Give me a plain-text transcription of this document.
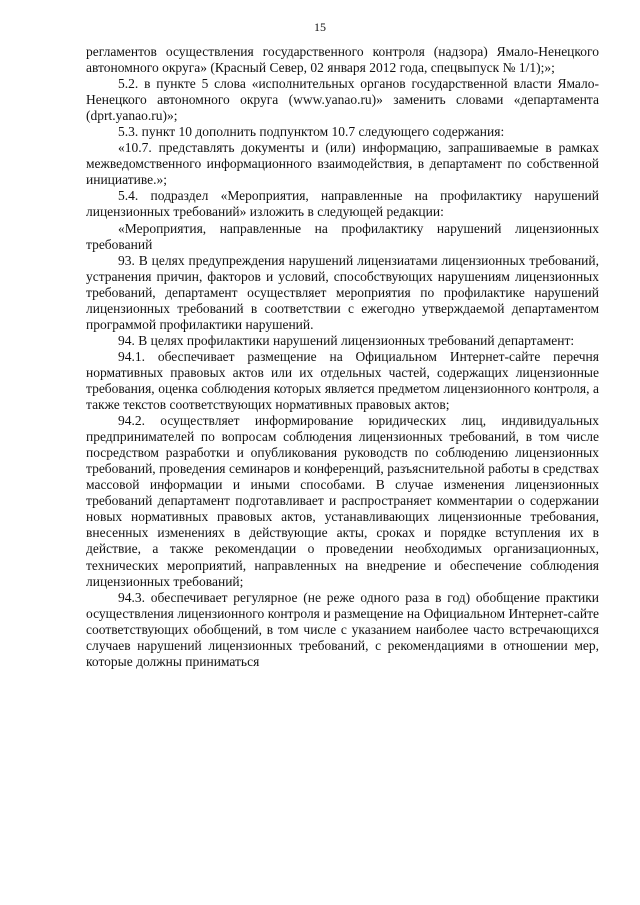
15

регламентов осуществления государственного контроля (надзора) Ямало-Ненецкого автономного округа» (Красный Север, 02 января 2012 года, спецвыпуск № 1/1);»;

5.2. в пункте 5 слова «исполнительных органов государственной власти Ямало-Ненецкого автономного округа (www.yanao.ru)» заменить словами «департамента (dprt.yanao.ru)»;

5.3. пункт 10 дополнить подпунктом 10.7 следующего содержания:

«10.7. представлять документы и (или) информацию, запрашиваемые в рамках межведомственного информационного взаимодействия, в департамент по собственной инициативе.»;

5.4. подраздел «Мероприятия, направленные на профилактику нарушений лицензионных требований» изложить в следующей редакции:

«Мероприятия, направленные на профилактику нарушений лицензионных требований

93. В целях предупреждения нарушений лицензиатами лицензионных требований, устранения причин, факторов и условий, способствующих нарушениям лицензионных требований, департамент осуществляет мероприятия по профилактике нарушений лицензионных требований в соответствии с ежегодно утверждаемой департаментом программой профилактики нарушений.

94. В целях профилактики нарушений лицензионных требований департамент:

94.1. обеспечивает размещение на Официальном Интернет-сайте перечня нормативных правовых актов или их отдельных частей, содержащих лицензионные требования, оценка соблюдения которых является предметом лицензионного контроля, а также текстов соответствующих нормативных правовых актов;

94.2. осуществляет информирование юридических лиц, индивидуальных предпринимателей по вопросам соблюдения лицензионных требований, в том числе посредством разработки и опубликования руководств по соблюдению лицензионных требований, проведения семинаров и конференций, разъяснительной работы в средствах массовой информации и иными способами. В случае изменения лицензионных требований департамент подготавливает и распространяет комментарии о содержании новых нормативных правовых актов, устанавливающих лицензионные требования, внесенных изменениях в действующие акты, сроках и порядке вступления их в действие, а также рекомендации о проведении необходимых организационных, технических мероприятий, направленных на внедрение и обеспечение соблюдения лицензионных требований;

94.3. обеспечивает регулярное (не реже одного раза в год) обобщение практики осуществления лицензионного контроля и размещение на Официальном Интернет-сайте соответствующих обобщений, в том числе с указанием наиболее часто встречающихся случаев нарушений лицензионных требований, с рекомендациями в отношении мер, которые должны приниматься
